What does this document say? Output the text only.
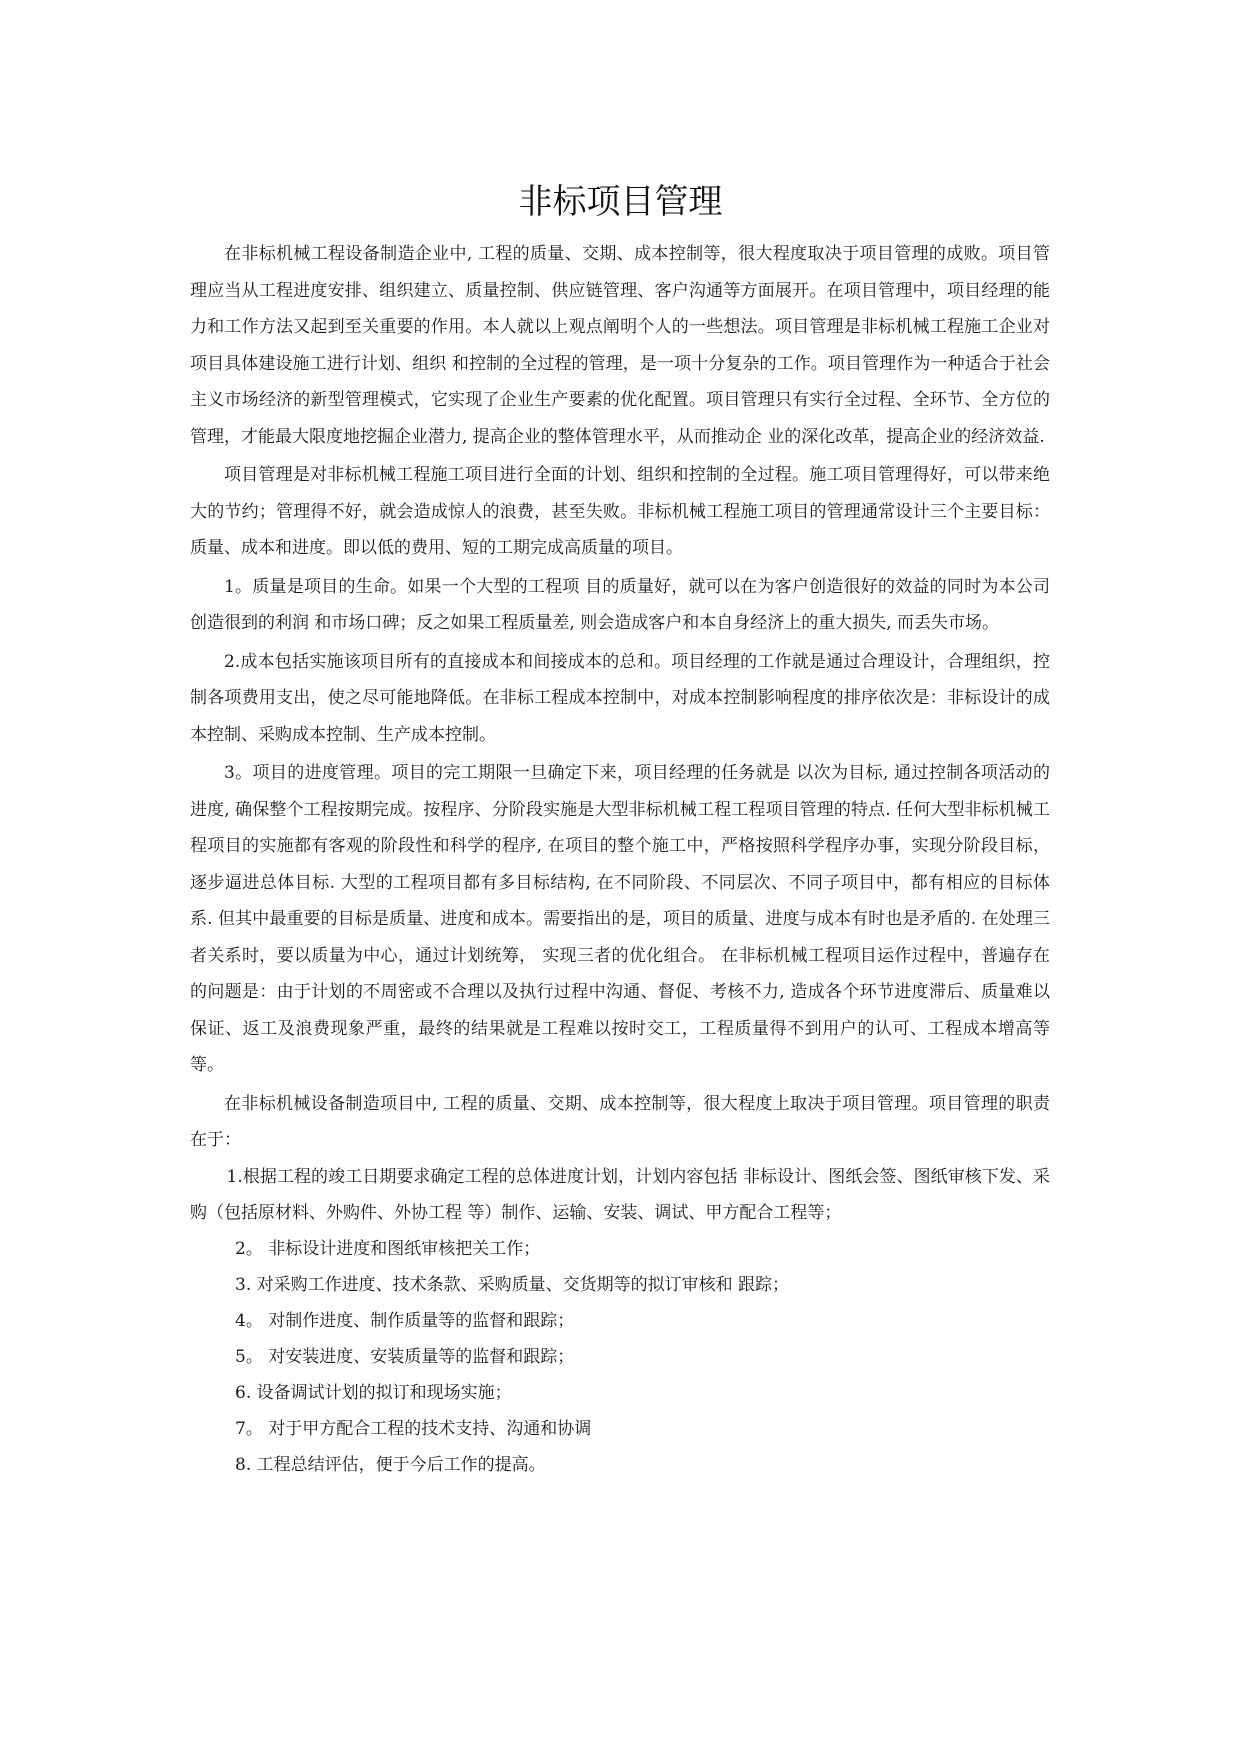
非标项目管理

在非标机械工程设备制造企业中, 工程的质量、交期、成本控制等，很大程度取决于项目管理的成败。项目管理应当从工程进度安排、组织建立、质量控制、供应链管理、客户沟通等方面展开。在项目管理中，项目经理的能力和工作方法又起到至关重要的作用。本人就以上观点阐明个人的一些想法。项目管理是非标机械工程施工企业对项目具体建设施工进行计划、组织 和控制的全过程的管理，是一项十分复杂的工作。项目管理作为一种适合于社会主义市场经济的新型管理模式，它实现了企业生产要素的优化配置。项目管理只有实行全过程、全环节、全方位的管理，才能最大限度地挖掘企业潜力, 提高企业的整体管理水平，从而推动企 业的深化改革，提高企业的经济效益.

项目管理是对非标机械工程施工项目进行全面的计划、组织和控制的全过程。施工项目管理得好，可以带来绝大的节约；管理得不好，就会造成惊人的浪费，甚至失败。非标机械工程施工项目的管理通常设计三个主要目标：质量、成本和进度。即以低的费用、短的工期完成高质量的项目。

1。质量是项目的生命。如果一个大型的工程项 目的质量好，就可以在为客户创造很好的效益的同时为本公司创造很到的利润 和市场口碑；反之如果工程质量差, 则会造成客户和本自身经济上的重大损失, 而丢失市场。

2.成本包括实施该项目所有的直接成本和间接成本的总和。项目经理的工作就是通过合理设计，合理组织，控制各项费用支出，使之尽可能地降低。在非标工程成本控制中，对成本控制影响程度的排序依次是：非标设计的成本控制、采购成本控制、生产成本控制。

3。项目的进度管理。项目的完工期限一旦确定下来，项目经理的任务就是 以次为目标, 通过控制各项活动的进度, 确保整个工程按期完成。按程序、分阶段实施是大型非标机械工程工程项目管理的特点. 任何大型非标机械工程项目的实施都有客观的阶段性和科学的程序, 在项目的整个施工中，严格按照科学程序办事，实现分阶段目标，逐步逼进总体目标. 大型的工程项目都有多目标结构, 在不同阶段、不同层次、不同子项目中，都有相应的目标体系. 但其中最重要的目标是质量、进度和成本。需要指出的是，项目的质量、进度与成本有时也是矛盾的. 在处理三者关系时，要以质量为中心，通过计划统筹， 实现三者的优化组合。 在非标机械工程项目运作过程中，普遍存在的问题是：由于计划的不周密或不合理以及执行过程中沟通、督促、考核不力, 造成各个环节进度滞后、质量难以保证、返工及浪费现象严重，最终的结果就是工程难以按时交工，工程质量得不到用户的认可、工程成本增高等等。

在非标机械设备制造项目中, 工程的质量、交期、成本控制等，很大程度上取决于项目管理。项目管理的职责在于：

1.根据工程的竣工日期要求确定工程的总体进度计划，计划内容包括 非标设计、图纸会签、图纸审核下发、采购（包括原材料、外购件、外协工程 等）制作、运输、安装、调试、甲方配合工程等；
2。 非标设计进度和图纸审核把关工作；
3. 对采购工作进度、技术条款、采购质量、交货期等的拟订审核和 跟踪；
4。 对制作进度、制作质量等的监督和跟踪；
5。 对安装进度、安装质量等的监督和跟踪；
6. 设备调试计划的拟订和现场实施；
7。 对于甲方配合工程的技术支持、沟通和协调
8. 工程总结评估，便于今后工作的提高。
